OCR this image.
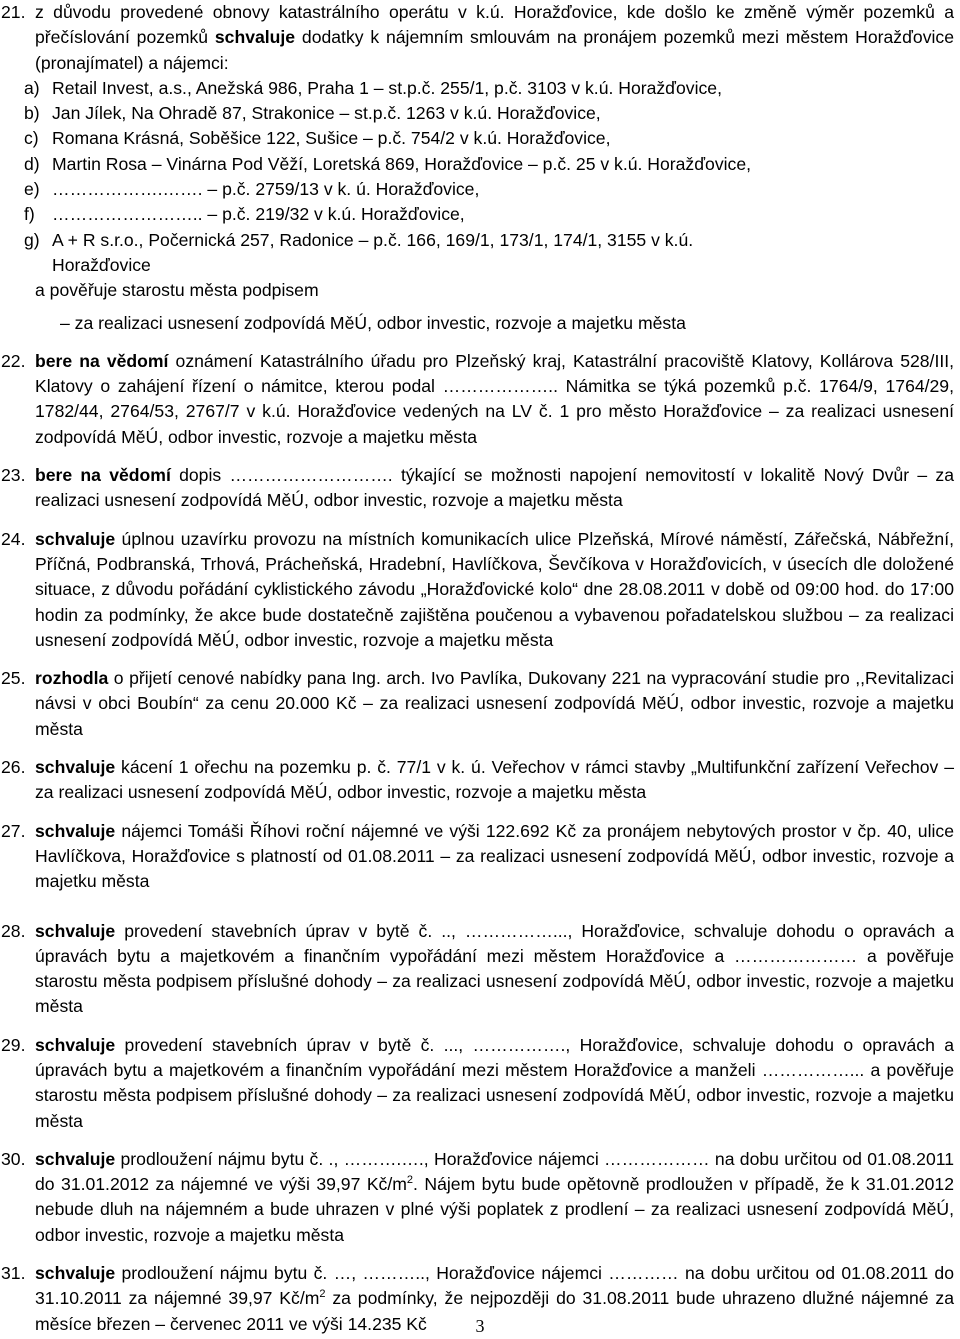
21. z důvodu provedené obnovy katastrálního operátu v k.ú. Horažďovice, kde došlo ke změně výměr pozemků a přečíslování pozemků schvaluje dodatky k nájemním smlouvám na pronájem pozemků mezi městem Horažďovice (pronajímatel) a nájemci:
a) Retail Invest, a.s., Anežská 986, Praha 1 – st.p.č. 255/1, p.č. 3103 v k.ú. Horažďovice,
b) Jan Jílek, Na Ohradě 87, Strakonice – st.p.č. 1263 v k.ú. Horažďovice,
c) Romana Krásná, Soběšice 122, Sušice – p.č. 754/2 v k.ú. Horažďovice,
d) Martin Rosa – Vinárna Pod Věží, Loretská 869, Horažďovice – p.č. 25 v k.ú. Horažďovice,
e) ……………….……. – p.č. 2759/13 v k. ú. Horažďovice,
f) …………………….. – p.č. 219/32 v k.ú. Horažďovice,
g) A + R s.r.o., Počernická 257, Radonice – p.č. 166, 169/1, 173/1, 174/1, 3155 v k.ú.
Horažďovice
a pověřuje starostu města podpisem
– za realizaci usnesení zodpovídá MěÚ, odbor investic, rozvoje a majetku města
22. bere na vědomí oznámení Katastrálního úřadu pro Plzeňský kraj, Katastrální pracoviště Klatovy, Kollárova 528/III, Klatovy o zahájení řízení o námitce, kterou podal ……………….. Námitka se týká pozemků p.č. 1764/9, 1764/29, 1782/44, 2764/53, 2767/7 v k.ú. Horažďovice vedených na LV č. 1 pro město Horažďovice – za realizaci usnesení zodpovídá MěÚ, odbor investic, rozvoje a majetku města
23. bere na vědomí dopis ………………………. týkající se možnosti napojení nemovitostí v lokalitě Nový Dvůr – za realizaci usnesení zodpovídá MěÚ, odbor investic, rozvoje a majetku města
24. schvaluje úplnou uzavírku provozu na místních komunikacích ulice Plzeňská, Mírové náměstí, Zářečská, Nábřežní, Příčná, Podbranská, Trhová, Prácheňská, Hradební, Havlíčkova, Ševčíkova v Horažďovicích, v úsecích dle doložené situace, z důvodu pořádání cyklistického závodu „Horažďovické kolo“ dne 28.08.2011 v době od 09:00 hod. do 17:00 hodin za podmínky, že akce bude dostatečně zajištěna poučenou a vybavenou pořadatelskou službou – za realizaci usnesení zodpovídá MěÚ, odbor investic, rozvoje a majetku města
25. rozhodla o přijetí cenové nabídky pana Ing. arch. Ivo Pavlíka, Dukovany 221 na vypracování studie pro ,,Revitalizaci návsi v obci Boubín“ za cenu 20.000 Kč – za realizaci usnesení zodpovídá MěÚ, odbor investic, rozvoje a majetku města
26. schvaluje kácení 1 ořechu na pozemku p. č. 77/1 v k. ú. Veřechov v rámci stavby „Multifunkční zařízení Veřechov – za realizaci usnesení zodpovídá MěÚ, odbor investic, rozvoje a majetku města
27. schvaluje nájemci Tomáši Říhovi roční nájemné ve výši 122.692 Kč za pronájem nebytových prostor v čp. 40, ulice Havlíčkova, Horažďovice s platností od 01.08.2011 – za realizaci usnesení zodpovídá MěÚ, odbor investic, rozvoje a majetku města
28. schvaluje provedení stavebních úprav v bytě č. .., ……………..., Horažďovice, schvaluje dohodu o opravách a úpravách bytu a majetkovém a finančním vypořádání mezi městem Horažďovice a ………………… a pověřuje starostu města podpisem příslušné dohody – za realizaci usnesení zodpovídá MěÚ, odbor investic, rozvoje a majetku města
29. schvaluje provedení stavebních úprav v bytě č. ..., ……………., Horažďovice, schvaluje dohodu o opravách a úpravách bytu a majetkovém a finančním vypořádání mezi městem Horažďovice a manželi ……………... a pověřuje starostu města podpisem příslušné dohody – za realizaci usnesení zodpovídá MěÚ, odbor investic, rozvoje a majetku města
30. schvaluje prodloužení nájmu bytu č. ., ……….…., Horažďovice nájemci ……………… na dobu určitou od 01.08.2011 do 31.01.2012 za nájemné ve výši 39,97 $Kč/m^2$. Nájem bytu bude opětovně prodloužen v případě, že k 31.01.2012 nebude dluh na nájemném a bude uhrazen v plné výši poplatek z prodlení – za realizaci usnesení zodpovídá MěÚ, odbor investic, rozvoje a majetku města
31. schvaluje prodloužení nájmu bytu č. …, ……….., Horažďovice nájemci ………… na dobu určitou od 01.08.2011 do 31.10.2011 za nájemné 39,97 $Kč/m^2$ za podmínky, že nejpozději do 31.08.2011 bude uhrazeno dlužné nájemné za měsíce březen – červenec 2011 ve výši 14.235 Kč	3
